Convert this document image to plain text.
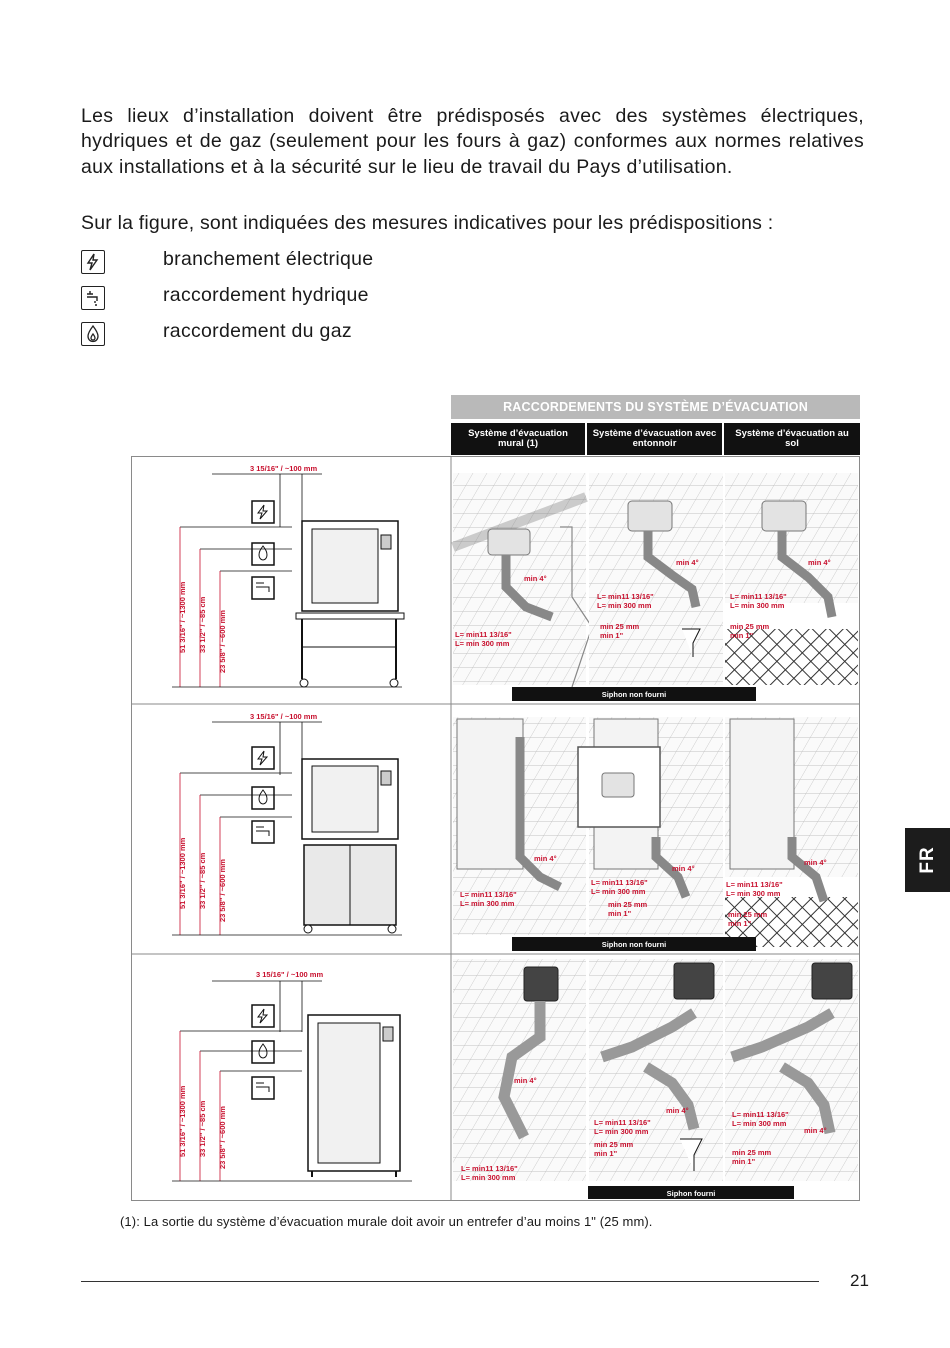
Les lieux d’installation doivent être prédisposés avec des systèmes électriques, hydriques et de gaz (seulement pour les fours à gaz) conformes aux normes relatives aux installations et à la sécurité sur le lieu de travail du Pays d’utilisation.

Sur la figure, sont indiquées des mesures indicatives pour les prédispositions :

branchement électrique
raccordement hydrique
raccordement du gaz
RACCORDEMENTS DU SYSTÈME D’ÉVACUATION
Système d’évacuation mural (1)
Système d’évacuation avec entonnoir
Système d’évacuation au sol
3 15/16" / ~100 mm
51 3/16" / ~1300 mm 33 1/2" / ~85 cm 23 5/8" / ~600 mm
min 4°
L= min11 13/16"
L= min 300 mm
min 4°
L= min11 13/16"
L= min 300 mm
min 25 mm
min 1"
min 4°
L= min11 13/16"
L= min 300 mm
min 25 mm
min 1"
Siphon non fourni
3 15/16" / ~100 mm
51 3/16" / ~1300 mm 33 1/2" / ~85 cm 23 5/8" / ~600 mm
min 4°
L= min11 13/16"
L= min 300 mm
min 4°
L= min11 13/16"
L= min 300 mm
min 25 mm
min 1"
min 4°
L= min11 13/16"
L= min 300 mm
min 25 mm
min 1"
Siphon non fourni
3 15/16" / ~100 mm
51 3/16" / ~1300 mm 33 1/2" / ~85 cm 23 5/8" / ~600 mm
min 4°
L= min11 13/16"
L= min 300 mm
min 4°
L= min11 13/16"
L= min 300 mm
min 25 mm
min 1"
min 4°
L= min11 13/16"
L= min 300 mm
min 25 mm
min 1"
Siphon fourni
(1): La sortie du système d’évacuation murale doit avoir un entrefer d’au moins 1" (25 mm).
21
FR
